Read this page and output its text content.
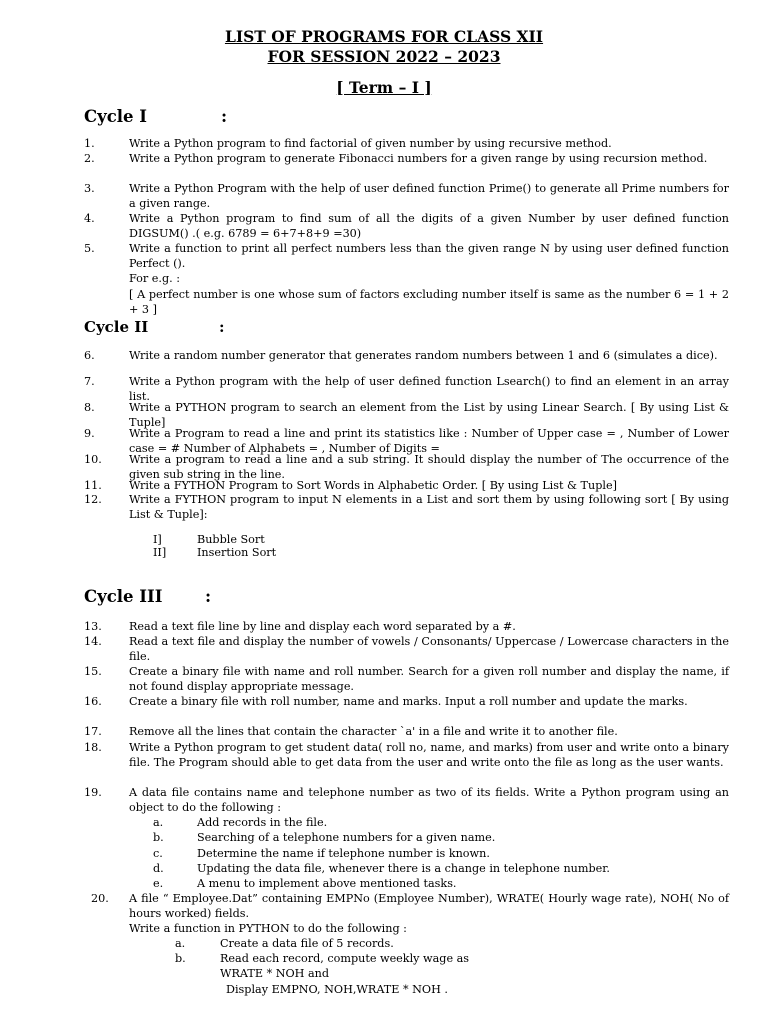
LIST OF PROGRAMS FOR CLASS XII
FOR SESSION 2022 – 2023
[ Term – I ]
Cycle I	:
1.	Write a Python program to find factorial of given number by using recursive method.
2.	Write a Python program to generate Fibonacci numbers for a given range by using recursion method.
3.	Write a Python Program with the help of user defined function Prime() to generate all Prime numbers for a given range.
4.	Write a Python program to find sum of all the digits of a given Number by user defined function DIGSUM() .( e.g. 6789 = 6+7+8+9 =30)
5.	Write a function to print all perfect numbers less than the given range N by using user defined function Perfect ().
For e.g. :
[ A perfect number is one whose sum of factors excluding number itself is same as the number 6 = 1 + 2 + 3 ]
Cycle II	:
6.	Write a random number generator that generates random numbers between 1 and 6 (simulates a dice).
7.	Write a Python program with the help of user defined function Lsearch() to find an element in an array list.
8.	Write a PYTHON program to search an element from the List by using Linear Search. [ By using List & Tuple]
9.	Write a Program to read a line and print its statistics like : Number of Upper case = , Number of Lower case = # Number of Alphabets = , Number of Digits =
10. Write a program to read a line and a sub string. It should display the number of The occurrence of the given sub string in the line.
11. Write a FYTHON Program to Sort Words in Alphabetic Order. [ By using List & Tuple]
12. Write a FYTHON program to input N elements in a List and sort them by using following sort [ By using List & Tuple]:
I]	Bubble Sort
II]	Insertion Sort
Cycle III	:
13. Read a text file line by line and display each word separated by a #.
14. Read a text file and display the number of vowels / Consonants/ Uppercase / Lowercase characters in the file.
15. Create a binary file with name and roll number. Search for a given roll number and display the name, if not found display appropriate message.
16. Create a binary file with roll number, name and marks. Input a roll number and update the marks.
17. Remove all the lines that contain the character `a' in a file and write it to another file.
18. Write a Python program to get student data( roll no, name, and marks) from user and write onto a binary file. The Program should able to get data from the user and write onto the file as long as the user wants.
19. A data file contains name and telephone number as two of its fields. Write a Python program using an object to do the following :
a.	Add records in the file.
b.	Searching of a telephone numbers for a given name.
c.	Determine the name if telephone number is known.
d.	Updating the data file, whenever there is a change in telephone number.
e.	A menu to implement above mentioned tasks.
20. A file “ Employee.Dat” containing EMPNo (Employee Number), WRATE( Hourly wage rate), NOH( No of hours worked) fields.
Write a function in PYTHON to do the following :
a.	Create a data file of 5 records.
b.	Read each record, compute weekly wage as
WRATE * NOH and
Display EMPNO, NOH,WRATE * NOH .
